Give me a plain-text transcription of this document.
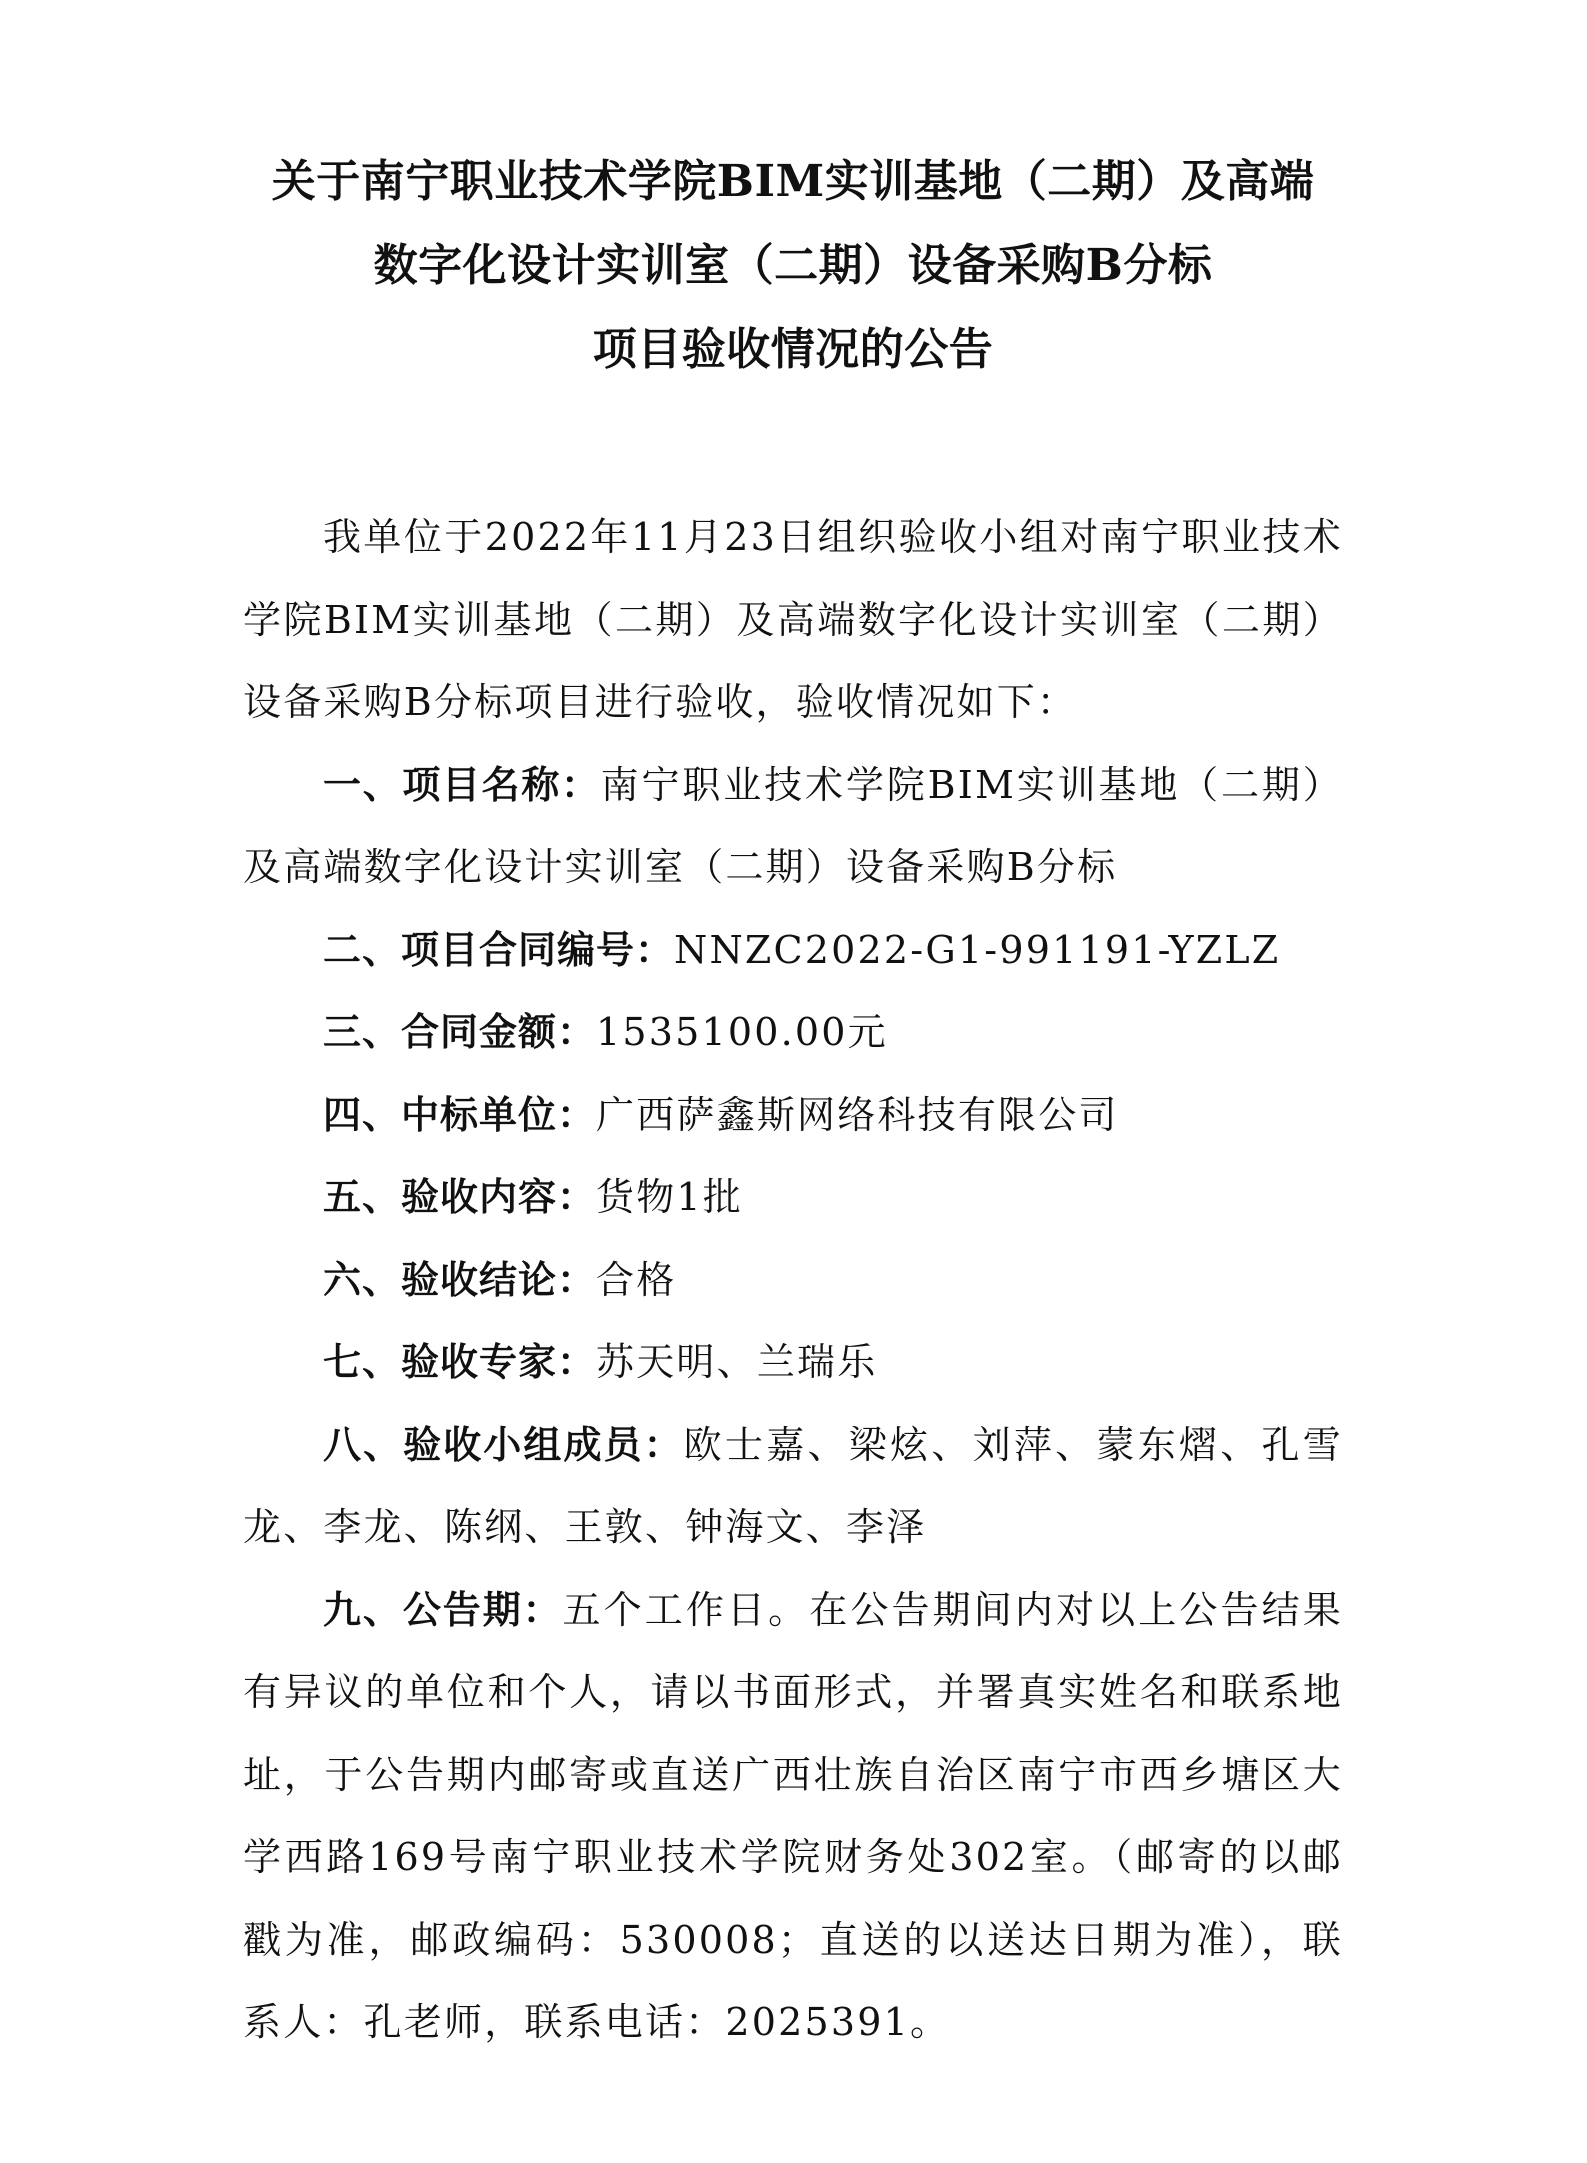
关于南宁职业技术学院BIM实训基地（二期）及高端
数字化设计实训室（二期）设备采购B分标
项目验收情况的公告

我单位于2022年11月23日组织验收小组对南宁职业技术学院BIM实训基地（二期）及高端数字化设计实训室（二期）设备采购B分标项目进行验收，验收情况如下：

一、项目名称：南宁职业技术学院BIM实训基地（二期）及高端数字化设计实训室（二期）设备采购B分标

二、项目合同编号：NNZC2022-G1-991191-YZLZ

三、合同金额：1535100.00元

四、中标单位：广西萨鑫斯网络科技有限公司

五、验收内容：货物1批

六、验收结论：合格

七、验收专家：苏天明、兰瑞乐

八、验收小组成员：欧士嘉、梁炫、刘萍、蒙东熠、孔雪龙、李龙、陈纲、王敦、钟海文、李泽

九、公告期：五个工作日。在公告期间内对以上公告结果有异议的单位和个人，请以书面形式，并署真实姓名和联系地址，于公告期内邮寄或直送广西壮族自治区南宁市西乡塘区大学西路169号南宁职业技术学院财务处302室。（邮寄的以邮戳为准，邮政编码：530008；直送的以送达日期为准），联系人：孔老师，联系电话：2025391。
